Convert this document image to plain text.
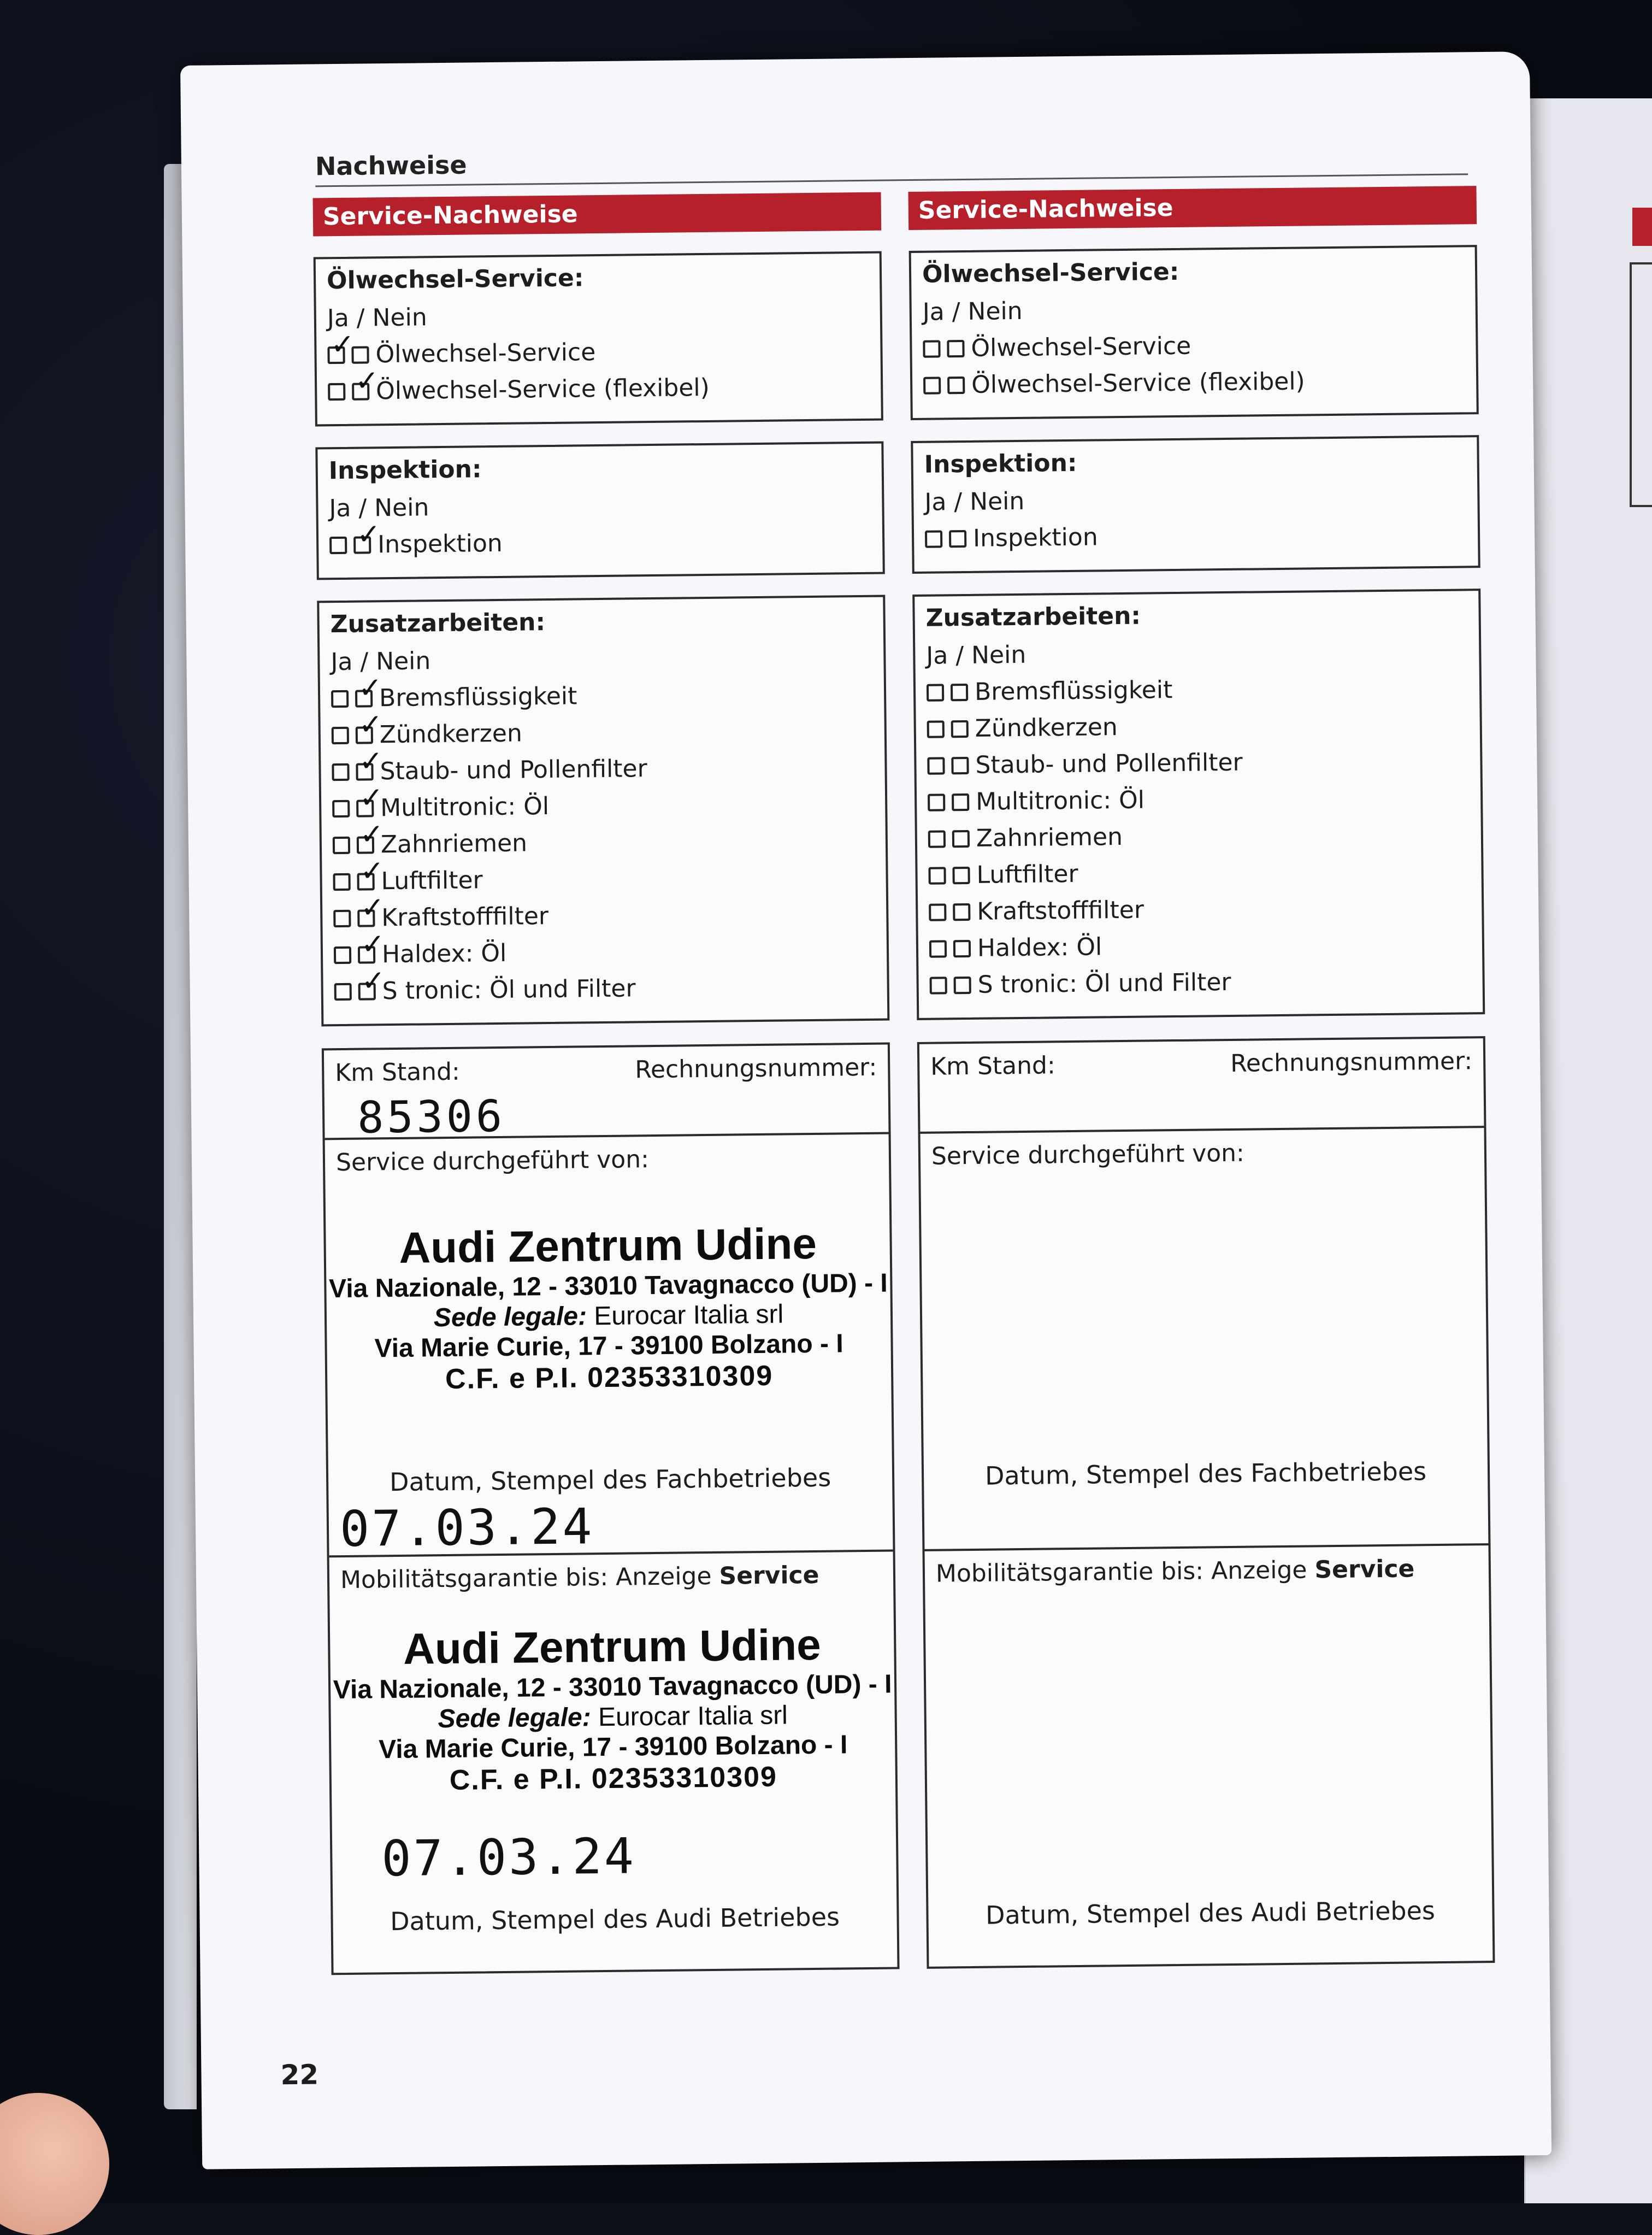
Nachweise
Service-Nachweise
Ölwechsel-Service:
Ja / Nein
✓ Ölwechsel-Service
✓
Ölwechsel-Service (flexibel)
Inspektion:
Ja / Nein
✓
Inspektion
Zusatzarbeiten:
Ja / Nein
✓
Bremsflüssigkeit
✓
Zündkerzen
✓
Staub- und Pollenfilter
✓
Multitronic: Öl
✓
Zahnriemen
✓
Luftfilter
✓
Kraftstofffilter
✓
Haldex: Öl
✓
S tronic: Öl und Filter
Km Stand:	Rechnungsnummer:
85306
Service durchgeführt von:
Audi Zentrum Udine
Via Nazionale, 12 - 33010 Tavagnacco (UD) - I
Sede legale: Eurocar Italia srl
Via Marie Curie, 17 - 39100 Bolzano - I
C.F. e P.I. 02353310309
Datum, Stempel des Fachbetriebes
07.03.24
Mobilitätsgarantie bis: Anzeige Service
Audi Zentrum Udine
Via Nazionale, 12 - 33010 Tavagnacco (UD) - I
Sede legale: Eurocar Italia srl
Via Marie Curie, 17 - 39100 Bolzano - I
C.F. e P.I. 02353310309
07.03.24
Datum, Stempel des Audi Betriebes
Service-Nachweise
Ölwechsel-Service:
Ja / Nein
Ölwechsel-Service
Ölwechsel-Service (flexibel)
Inspektion:
Ja / Nein
Inspektion
Zusatzarbeiten:
Ja / Nein
Bremsflüssigkeit
Zündkerzen
Staub- und Pollenfilter
Multitronic: Öl
Zahnriemen
Luftfilter
Kraftstofffilter
Haldex: Öl
S tronic: Öl und Filter
Km Stand:	Rechnungsnummer:
Service durchgeführt von:
Datum, Stempel des Fachbetriebes
Mobilitätsgarantie bis: Anzeige Service
Datum, Stempel des Audi Betriebes
22
